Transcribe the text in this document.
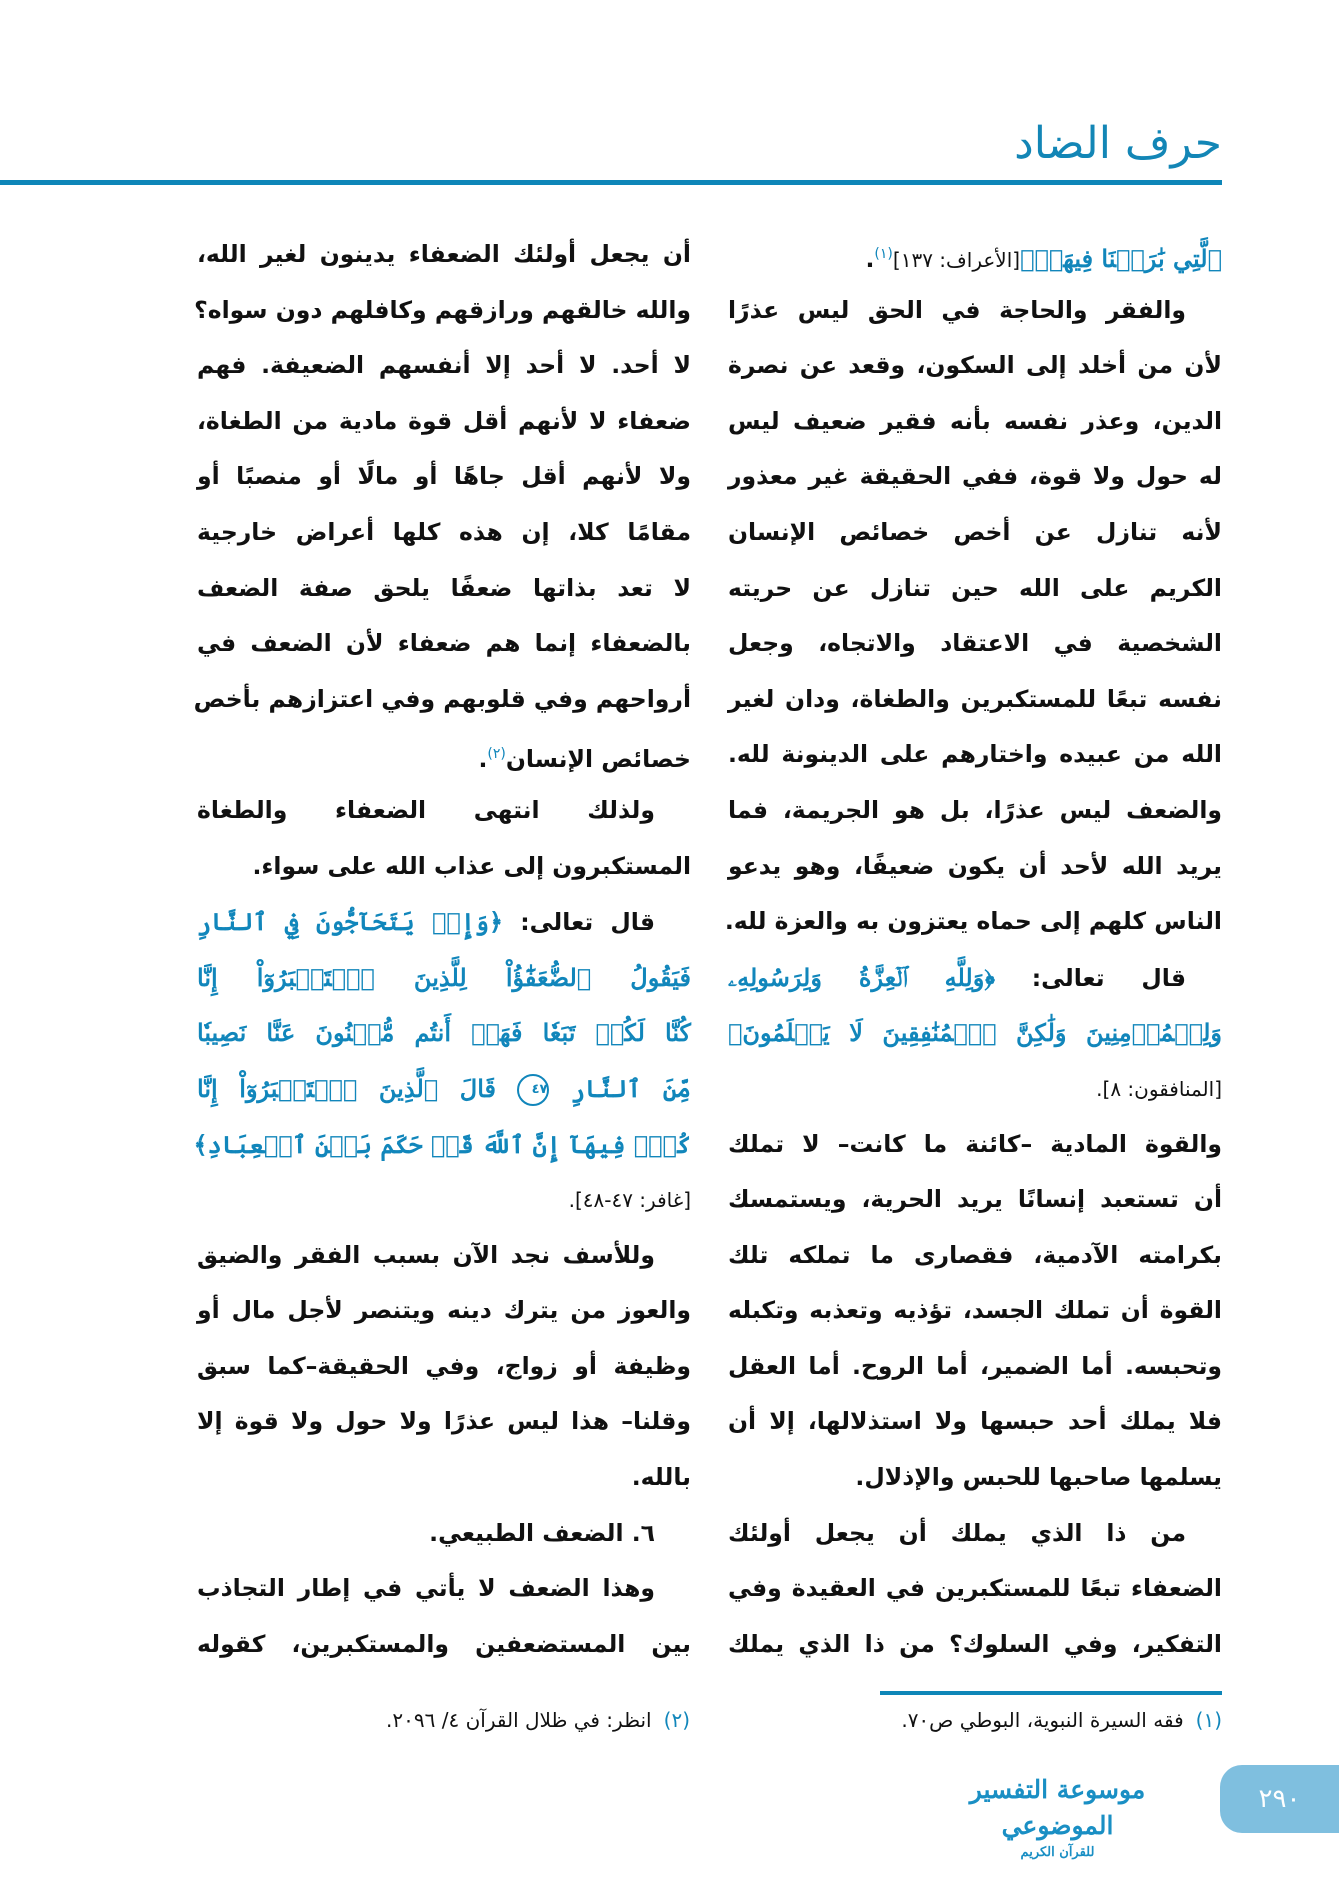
حرف الضاد
ٱلَّتِي بَٰرَكۡنَا فِيهَاۖ﴾[الأعراف: ١٣٧]$^{(١)}$.
والفقر والحاجة في الحق ليس عذرًا
لأن من أخلد إلى السكون، وقعد عن نصرة
الدين، وعذر نفسه بأنه فقير ضعيف ليس
له حول ولا قوة، ففي الحقيقة غير معذور
لأنه تنازل عن أخص خصائص الإنسان
الكريم على الله حين تنازل عن حريته
الشخصية في الاعتقاد والاتجاه، وجعل
نفسه تبعًا للمستكبرين والطغاة، ودان لغير
الله من عبيده واختارهم على الدينونة لله.
والضعف ليس عذرًا، بل هو الجريمة، فما
يريد الله لأحد أن يكون ضعيفًا، وهو يدعو
الناس كلهم إلى حماه يعتزون به والعزة لله.
قال تعالى: ﴿وَلِلَّهِ ٱلۡعِزَّةُ وَلِرَسُولِهِۦ
وَلِلۡمُؤۡمِنِينَ وَلَٰكِنَّ ٱلۡمُنَٰفِقِينَ لَا يَعۡلَمُونَ﴾
[المنافقون: ٨].
والقوة المادية –كائنة ما كانت– لا تملك
أن تستعبد إنسانًا يريد الحرية، ويستمسك
بكرامته الآدمية، فقصارى ما تملكه تلك
القوة أن تملك الجسد، تؤذيه وتعذبه وتكبله
وتحبسه. أما الضمير، أما الروح. أما العقل
فلا يملك أحد حبسها ولا استذلالها، إلا أن
يسلمها صاحبها للحبس والإذلال.
من ذا الذي يملك أن يجعل أولئك
الضعفاء تبعًا للمستكبرين في العقيدة وفي
التفكير، وفي السلوك؟ من ذا الذي يملك
أن يجعل أولئك الضعفاء يدينون لغير الله،
والله خالقهم ورازقهم وكافلهم دون سواه؟
لا أحد. لا أحد إلا أنفسهم الضعيفة. فهم
ضعفاء لا لأنهم أقل قوة مادية من الطغاة،
ولا لأنهم أقل جاهًا أو مالًا أو منصبًا أو
مقامًا كلا، إن هذه كلها أعراض خارجية
لا تعد بذاتها ضعفًا يلحق صفة الضعف
بالضعفاء إنما هم ضعفاء لأن الضعف في
أرواحهم وفي قلوبهم وفي اعتزازهم بأخص
خصائص الإنسان$^{(٢)}$.
ولذلك انتهى الضعفاء والطغاة
المستكبرون إلى عذاب الله على سواء.
قال تعالى: ﴿وَإِذۡ يَتَحَآجُّونَ فِي ٱلنَّارِ
فَيَقُولُ ٱلضُّعَفَٰٓؤُاْ لِلَّذِينَ ٱسۡتَكۡبَرُوٓاْ إِنَّا
كُنَّا لَكُمۡ تَبَعٗا فَهَلۡ أَنتُم مُّغۡنُونَ عَنَّا نَصِيبٗا
مِّنَ ٱلنَّارِ ٤٧ قَالَ ٱلَّذِينَ ٱسۡتَكۡبَرُوٓاْ إِنَّا
كُلّٞ فِيهَآ إِنَّ ٱللَّهَ قَدۡ حَكَمَ بَيۡنَ ٱلۡعِبَادِ﴾
[غافر: ٤٧-٤٨].
وللأسف نجد الآن بسبب الفقر والضيق
والعوز من يترك دينه ويتنصر لأجل مال أو
وظيفة أو زواج، وفي الحقيقة–كما سبق
وقلنا– هذا ليس عذرًا ولا حول ولا قوة إلا
بالله.
٦. الضعف الطبيعي.
وهذا الضعف لا يأتي في إطار التجاذب
بين المستضعفين والمستكبرين، كقوله
(١)فقه السيرة النبوية، البوطي ص٧٠.
(٢)انظر: في ظلال القرآن ٤/ ٢٠٩٦.
موسوعة التفسير الموضوعي
للقرآن الكريم
٢٩٠
